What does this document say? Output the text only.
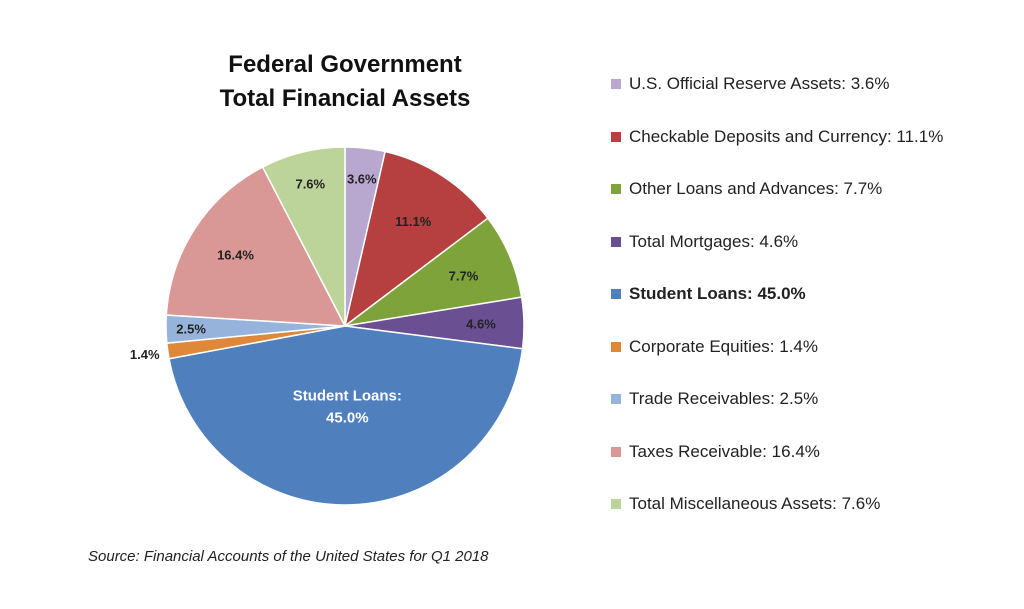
Federal Government
Total Financial Assets
3.6%
11.1%
7.7%
4.6%
Student Loans: 45.0%
1.4%
2.5%
16.4%
7.6%
U.S. Official Reserve Assets: 3.6%
Checkable Deposits and Currency: 11.1%
Other Loans and Advances: 7.7%
Total Mortgages: 4.6%
Student Loans: 45.0%
Corporate Equities: 1.4%
Trade Receivables: 2.5%
Taxes Receivable: 16.4%
Total Miscellaneous Assets: 7.6%
Source: Financial Accounts of the United States for Q1 2018
